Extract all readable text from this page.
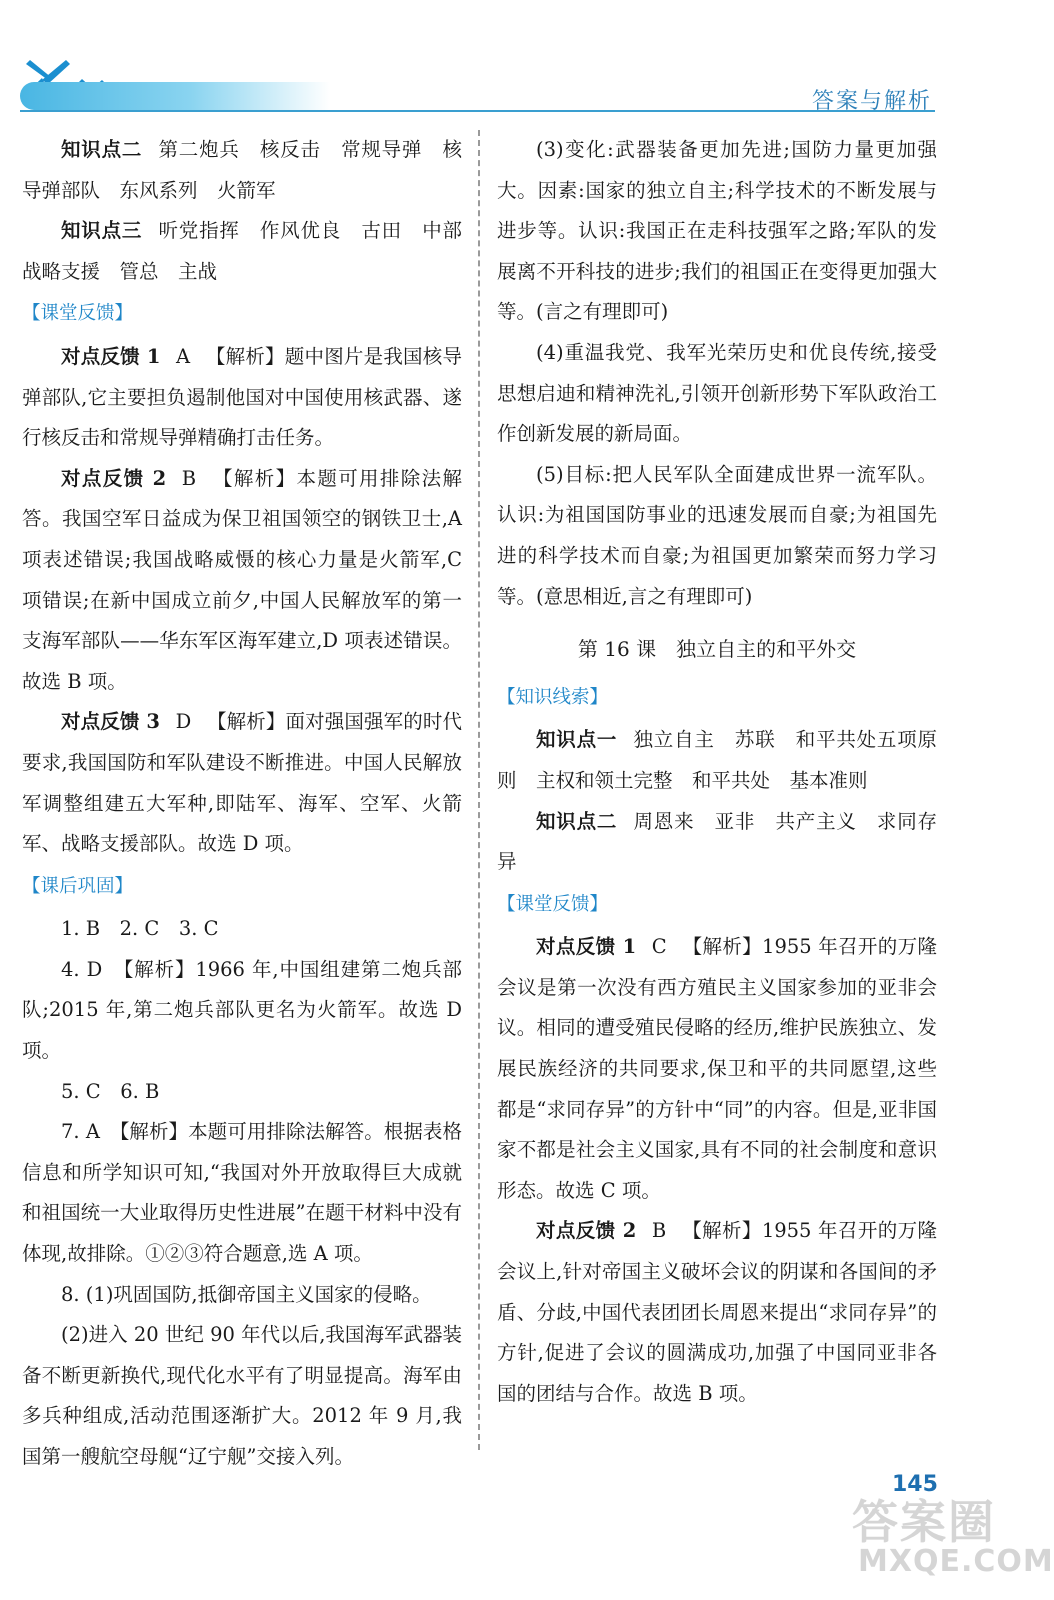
答案与解析

知识点二 第二炮兵　核反击　常规导弹　核导弹部队　东风系列　火箭军

知识点三 听党指挥　作风优良　古田　中部　战略支援　管总　主战

【课堂反馈】

对点反馈 1 A 【解析】题中图片是我国核导弹部队,它主要担负遏制他国对中国使用核武器、遂行核反击和常规导弹精确打击任务。

对点反馈 2 B 【解析】本题可用排除法解答。我国空军日益成为保卫祖国领空的钢铁卫士,A 项表述错误;我国战略威慑的核心力量是火箭军,C 项错误;在新中国成立前夕,中国人民解放军的第一支海军部队——华东军区海军建立,D 项表述错误。故选 B 项。

对点反馈 3 D 【解析】面对强国强军的时代要求,我国国防和军队建设不断推进。中国人民解放军调整组建五大军种,即陆军、海军、空军、火箭军、战略支援部队。故选 D 项。

【课后巩固】

1. B　2. C　3. C

4. D　【解析】1966 年,中国组建第二炮兵部队;2015 年,第二炮兵部队更名为火箭军。故选 D 项。

5. C　6. B

7. A　【解析】本题可用排除法解答。根据表格信息和所学知识可知,“我国对外开放取得巨大成就和祖国统一大业取得历史性进展”在题干材料中没有体现,故排除。①②③符合题意,选 A 项。

8. (1)巩固国防,抵御帝国主义国家的侵略。

(2)进入 20 世纪 90 年代以后,我国海军武器装备不断更新换代,现代化水平有了明显提高。海军由多兵种组成,活动范围逐渐扩大。2012 年 9 月,我国第一艘航空母舰“辽宁舰”交接入列。

(3)变化:武器装备更加先进;国防力量更加强大。因素:国家的独立自主;科学技术的不断发展与进步等。认识:我国正在走科技强军之路;军队的发展离不开科技的进步;我们的祖国正在变得更加强大等。(言之有理即可)

(4)重温我党、我军光荣历史和优良传统,接受思想启迪和精神洗礼,引领开创新形势下军队政治工作创新发展的新局面。

(5)目标:把人民军队全面建成世界一流军队。认识:为祖国国防事业的迅速发展而自豪;为祖国先进的科学技术而自豪;为祖国更加繁荣而努力学习等。(意思相近,言之有理即可)

第 16 课　独立自主的和平外交

【知识线索】

知识点一 独立自主　苏联　和平共处五项原则　主权和领土完整　和平共处　基本准则

知识点二 周恩来　亚非　共产主义　求同存异

【课堂反馈】

对点反馈 1 C 【解析】1955 年召开的万隆会议是第一次没有西方殖民主义国家参加的亚非会议。相同的遭受殖民侵略的经历,维护民族独立、发展民族经济的共同要求,保卫和平的共同愿望,这些都是“求同存异”的方针中“同”的内容。但是,亚非国家不都是社会主义国家,具有不同的社会制度和意识形态。故选 C 项。

对点反馈 2 B 【解析】1955 年召开的万隆会议上,针对帝国主义破坏会议的阴谋和各国间的矛盾、分歧,中国代表团团长周恩来提出“求同存异”的方针,促进了会议的圆满成功,加强了中国同亚非各国的团结与合作。故选 B 项。

145
答案圈
MXQE.COM
